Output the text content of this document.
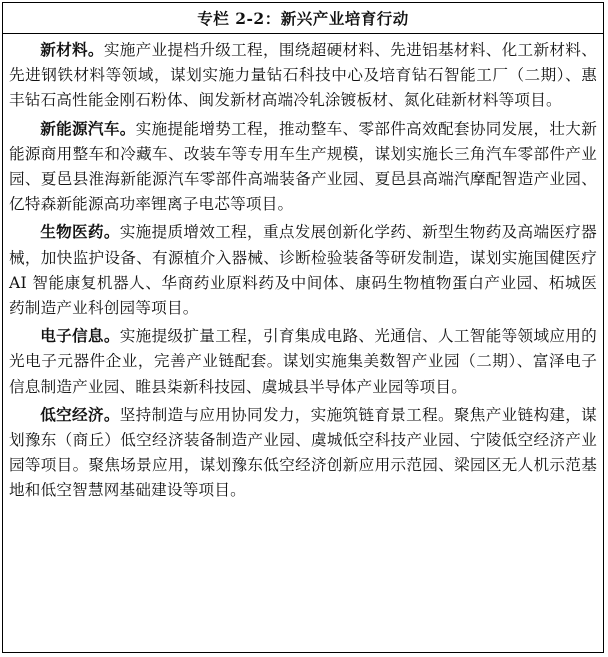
专栏 2-2：新兴产业培育行动

新材料。实施产业提档升级工程，围绕超硬材料、先进铝基材料、化工新材料、先进钢铁材料等领域，谋划实施力量钻石科技中心及培育钻石智能工厂（二期）、惠丰钻石高性能金刚石粉体、闽发新材高端冷轧涂镀板材、氮化硅新材料等项目。

新能源汽车。实施提能增势工程，推动整车、零部件高效配套协同发展，壮大新能源商用整车和冷藏车、改装车等专用车生产规模，谋划实施长三角汽车零部件产业园、夏邑县淮海新能源汽车零部件高端装备产业园、夏邑县高端汽摩配智造产业园、亿特森新能源高功率锂离子电芯等项目。

生物医药。实施提质增效工程，重点发展创新化学药、新型生物药及高端医疗器械，加快监护设备、有源植介入器械、诊断检验装备等研发制造，谋划实施国健医疗 AI 智能康复机器人、华商药业原料药及中间体、康码生物植物蛋白产业园、柘城医药制造产业科创园等项目。

电子信息。实施提级扩量工程，引育集成电路、光通信、人工智能等领域应用的光电子元器件企业，完善产业链配套。谋划实施集美数智产业园（二期）、富泽电子信息制造产业园、睢县柒新科技园、虞城县半导体产业园等项目。

低空经济。坚持制造与应用协同发力，实施筑链育景工程。聚焦产业链构建，谋划豫东（商丘）低空经济装备制造产业园、虞城低空科技产业园、宁陵低空经济产业园等项目。聚焦场景应用，谋划豫东低空经济创新应用示范园、梁园区无人机示范基地和低空智慧网基础建设等项目。
